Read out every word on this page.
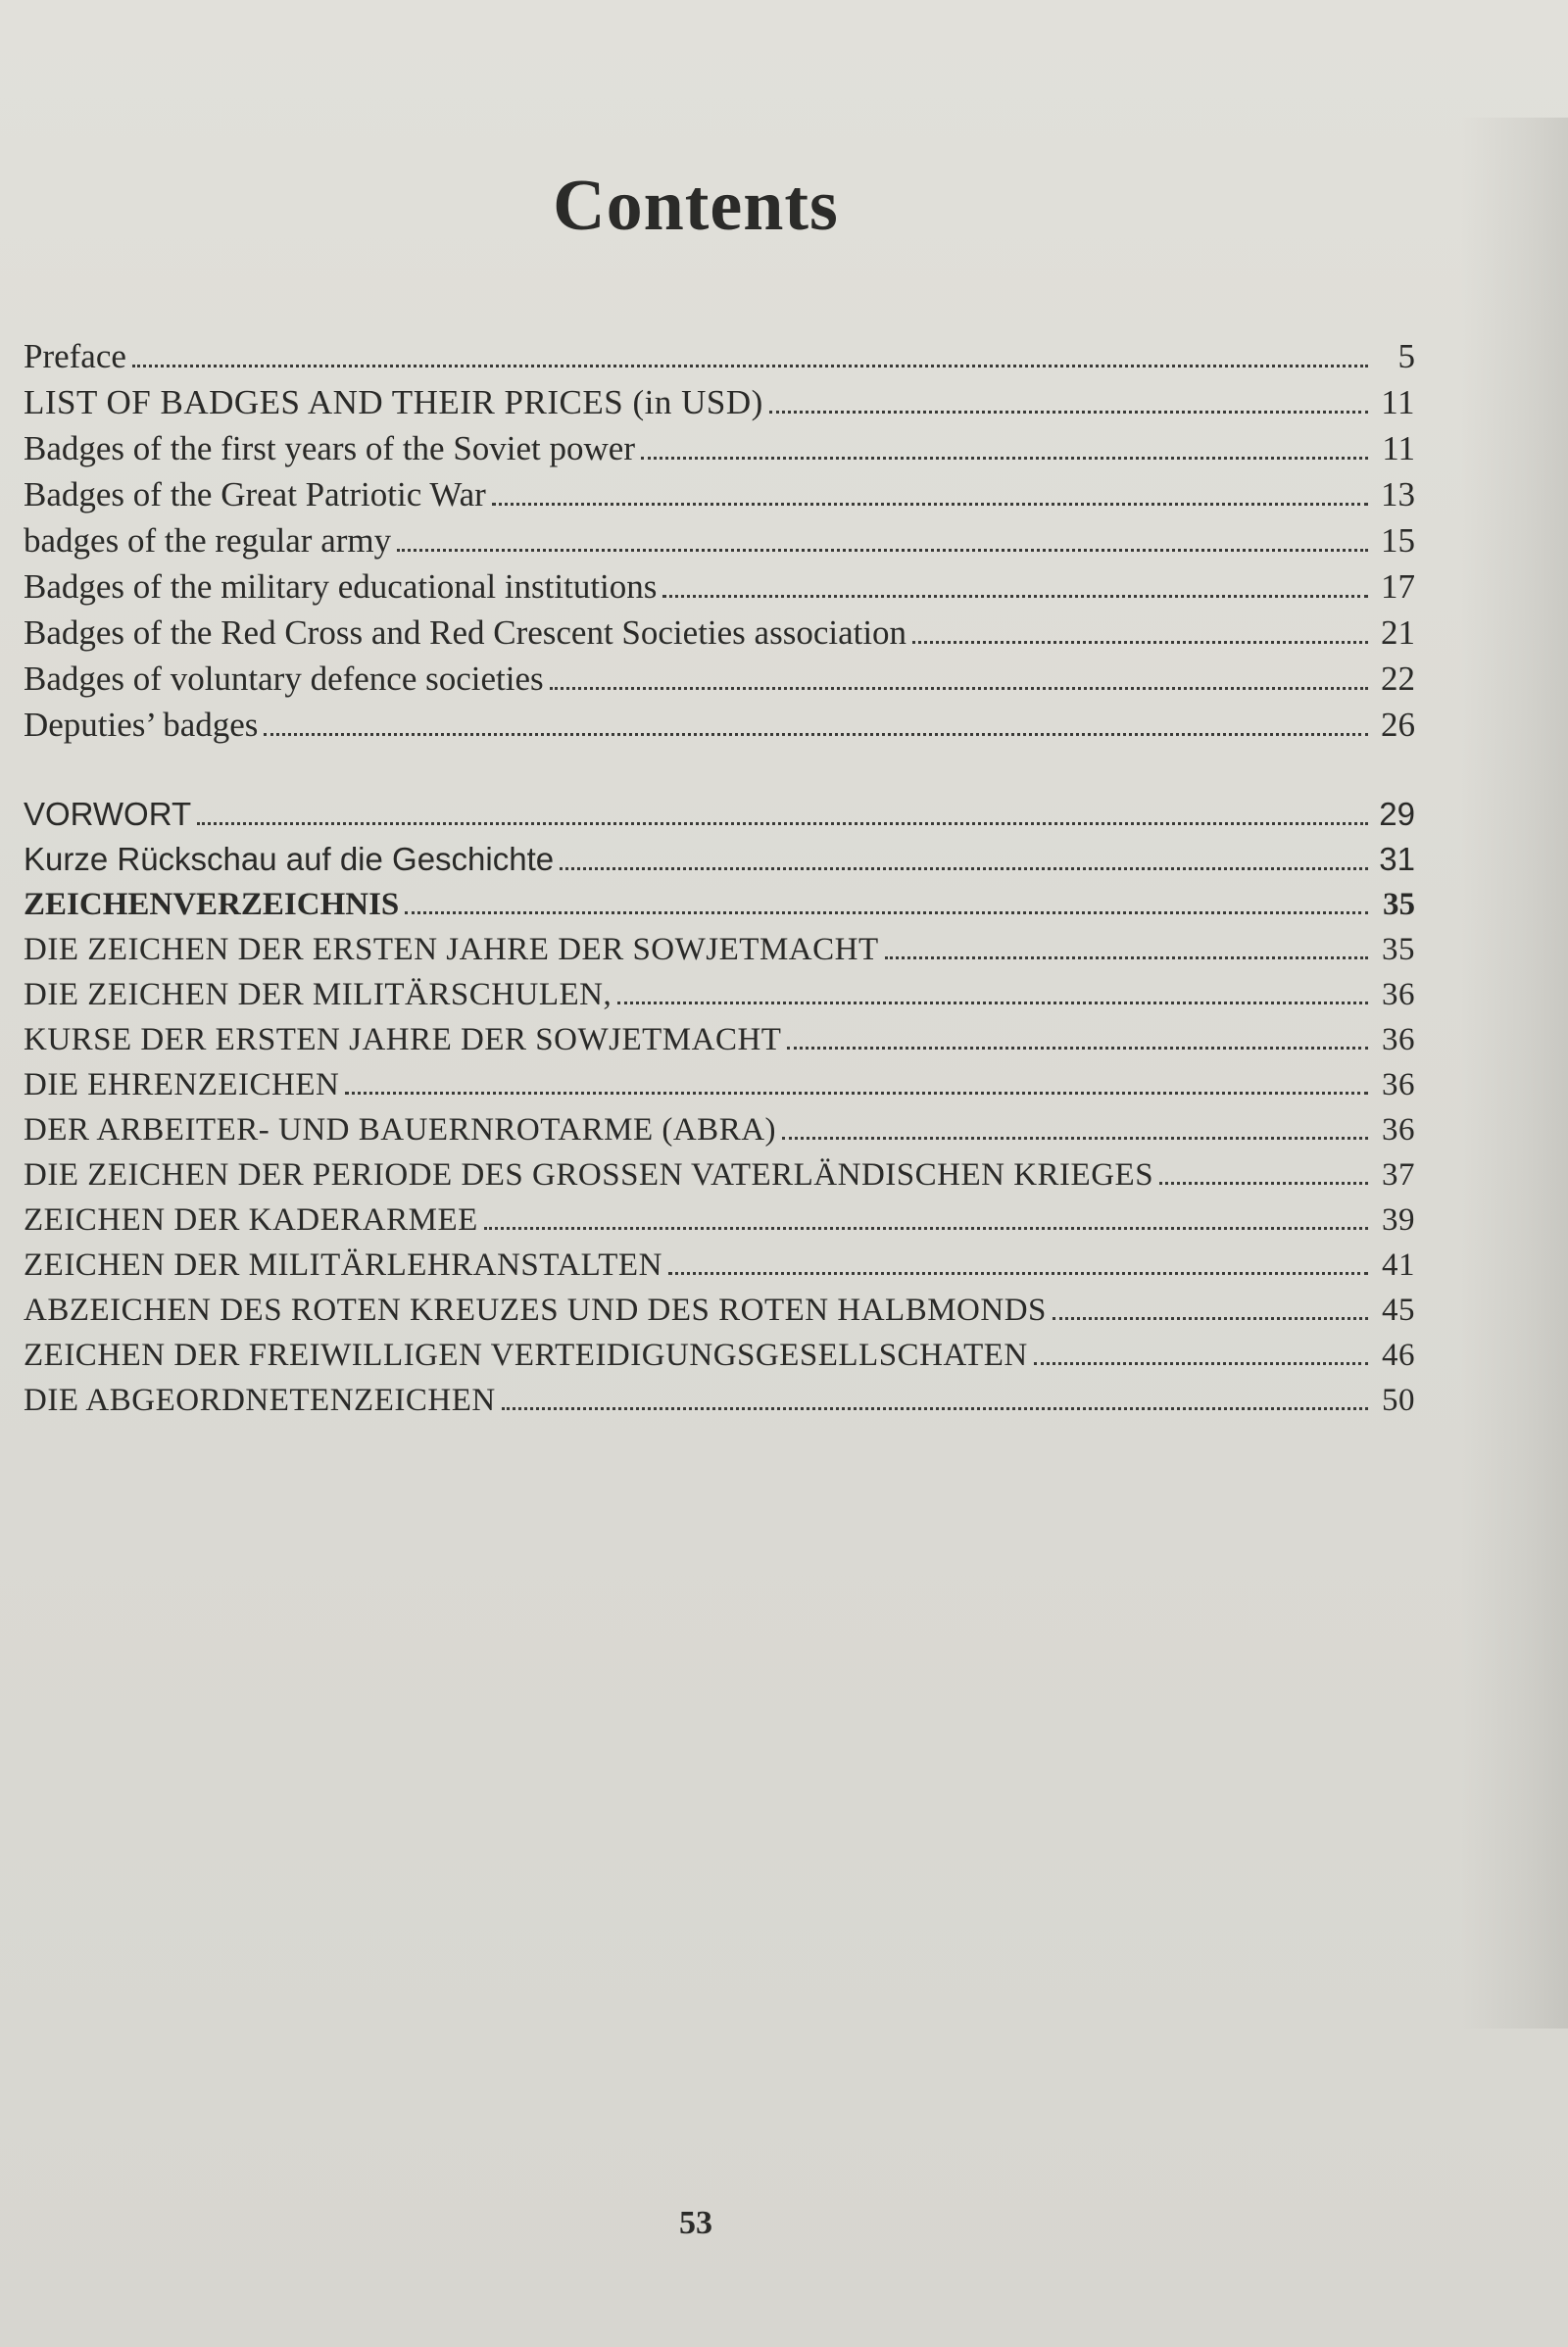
Contents
Preface	5
LIST OF BADGES AND THEIR PRICES (in USD)	11
Badges of the first years of the Soviet power	11
Badges of the Great Patriotic War	13
badges of the regular army	15
Badges of the military educational institutions	17
Badges of the Red Cross and Red Crescent Societies association	21
Badges of voluntary defence societies	22
Deputies’ badges	26
VORWORT	29
Kurze Rückschau auf die Geschichte	31
ZEICHENVERZEICHNIS	35
DIE ZEICHEN DER ERSTEN JAHRE DER SOWJETMACHT	35
DIE ZEICHEN DER MILITÄRSCHULEN,	36
KURSE DER ERSTEN JAHRE DER SOWJETMACHT	36
DIE EHRENZEICHEN	36
DER ARBEITER- UND BAUERNROTARME (ABRA)	36
DIE ZEICHEN DER PERIODE DES GROSSEN VATERLÄNDISCHEN KRIEGES	37
ZEICHEN DER KADERARMEE	39
ZEICHEN DER MILITÄRLEHRANSTALTEN	41
ABZEICHEN DES ROTEN KREUZES UND DES ROTEN HALBMONDS	45
ZEICHEN DER FREIWILLIGEN VERTEIDIGUNGSGESELLSCHATEN	46
DIE ABGEORDNETENZEICHEN	50
53
